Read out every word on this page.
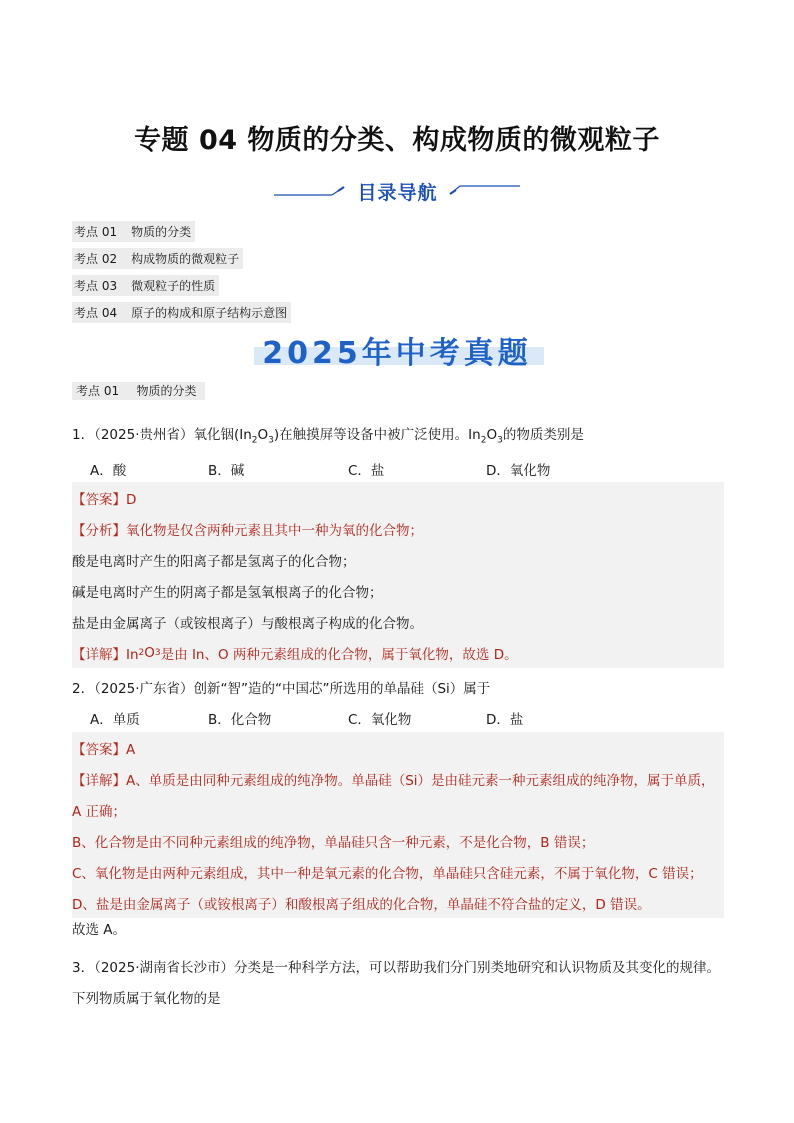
专题 04 物质的分类、构成物质的微观粒子
目录导航
考点 01 物质的分类
考点 02 构成物质的微观粒子
考点 03 微观粒子的性质
考点 04 原子的构成和原子结构示意图
2025年中考真题
考点 01 物质的分类
1．（2025·贵州省）氧化铟$(In_2O_3)$在触摸屏等设备中被广泛使用。$In_2O_3$的物质类别是
A．酸	B．碱	C．盐	D．氧化物
【答案】D
【分析】氧化物是仅含两种元素且其中一种为氧的化合物；
酸是电离时产生的阳离子都是氢离子的化合物；
碱是电离时产生的阴离子都是氢氧根离子的化合物；
盐是由金属离子（或铵根离子）与酸根离子构成的化合物。
【详解】In 2 O 3 是由 In、O 两种元素组成的化合物，属于氧化物，故选 D。
2．（2025·广东省）创新“智”造的“中国芯”所选用的单晶硅（Si）属于
A．单质	B．化合物	C．氧化物	D．盐
【答案】A
【详解】A、单质是由同种元素组成的纯净物。单晶硅（Si）是由硅元素一种元素组成的纯净物，属于单质，
A 正确；
B、化合物是由不同种元素组成的纯净物，单晶硅只含一种元素，不是化合物，B 错误；
C、氧化物是由两种元素组成，其中一种是氧元素的化合物，单晶硅只含硅元素，不属于氧化物，C 错误；
D、盐是由金属离子（或铵根离子）和酸根离子组成的化合物，单晶硅不符合盐的定义，D 错误。
故选 A。
3．（2025·湖南省长沙市）分类是一种科学方法，可以帮助我们分门别类地研究和认识物质及其变化的规律。
下列物质属于氧化物的是
